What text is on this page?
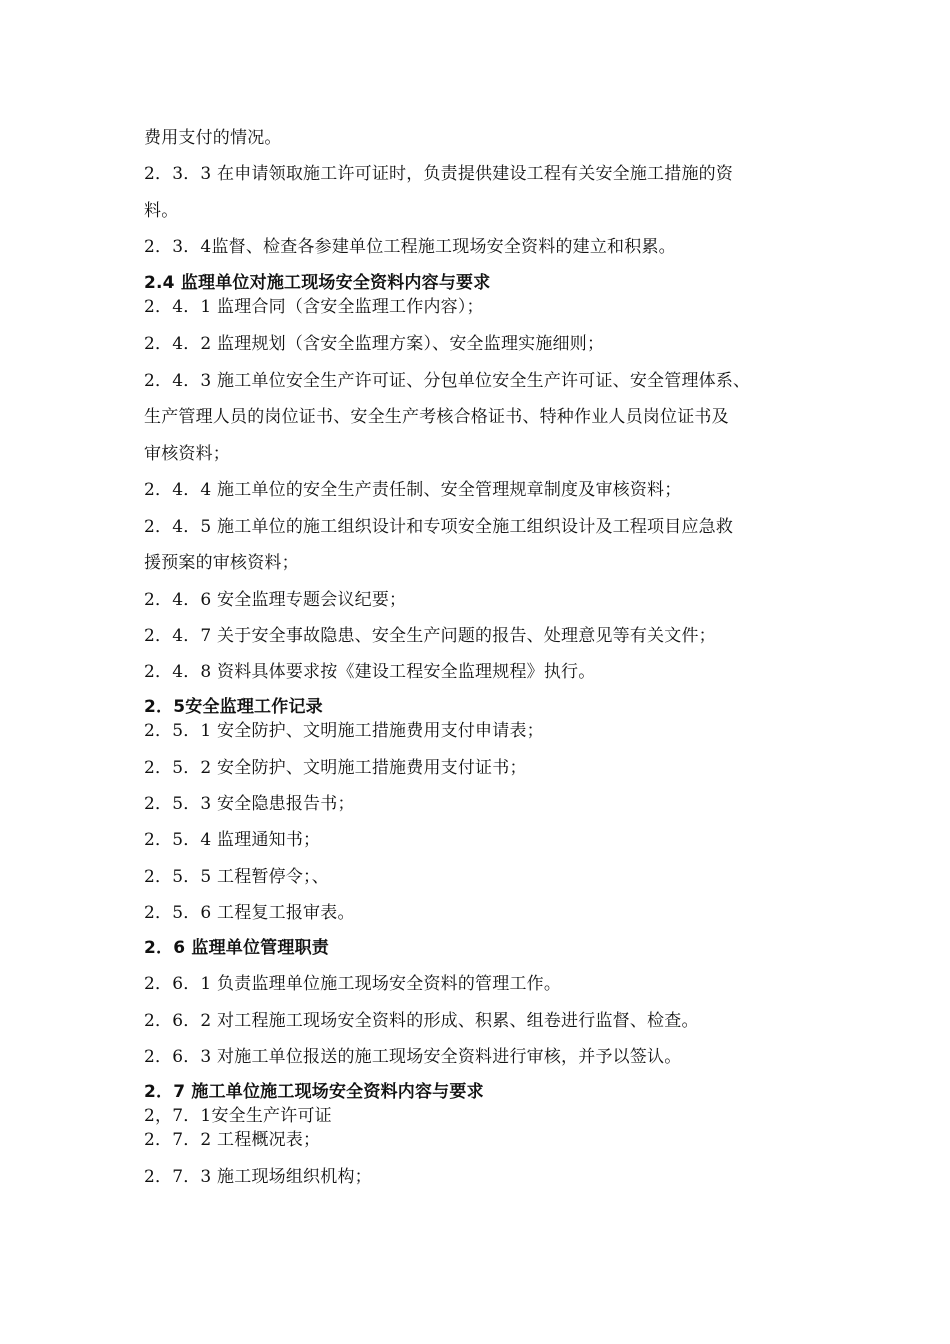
费用支付的情况。
2．3．3 在申请领取施工许可证时，负责提供建设工程有关安全施工措施的资
料。
2．3．4监督、检查各参建单位工程施工现场安全资料的建立和积累。
2.4 监理单位对施工现场安全资料内容与要求
2．4．1 监理合同（含安全监理工作内容）；
2．4．2 监理规划（含安全监理方案）、安全监理实施细则；
2．4．3 施工单位安全生产许可证、分包单位安全生产许可证、安全管理体系、
生产管理人员的岗位证书、安全生产考核合格证书、特种作业人员岗位证书及
审核资料；
2．4．4 施工单位的安全生产责任制、安全管理规章制度及审核资料；
2．4．5 施工单位的施工组织设计和专项安全施工组织设计及工程项目应急救
援预案的审核资料；
2．4．6 安全监理专题会议纪要；
2．4．7 关于安全事故隐患、安全生产问题的报告、处理意见等有关文件；
2．4．8 资料具体要求按《建设工程安全监理规程》执行。
2．5安全监理工作记录
2．5．1 安全防护、文明施工措施费用支付申请表；
2．5．2 安全防护、文明施工措施费用支付证书；
2．5．3 安全隐患报告书；
2．5．4 监理通知书；
2．5．5 工程暂停令；、
2．5．6 工程复工报审表。
2．6 监理单位管理职责
2．6．1 负责监理单位施工现场安全资料的管理工作。
2．6．2 对工程施工现场安全资料的形成、积累、组卷进行监督、检查。
2．6．3 对施工单位报送的施工现场安全资料进行审核，并予以签认。
2．7 施工单位施工现场安全资料内容与要求
2，7．1安全生产许可证
2．7．2 工程概况表；
2．7．3 施工现场组织机构；
